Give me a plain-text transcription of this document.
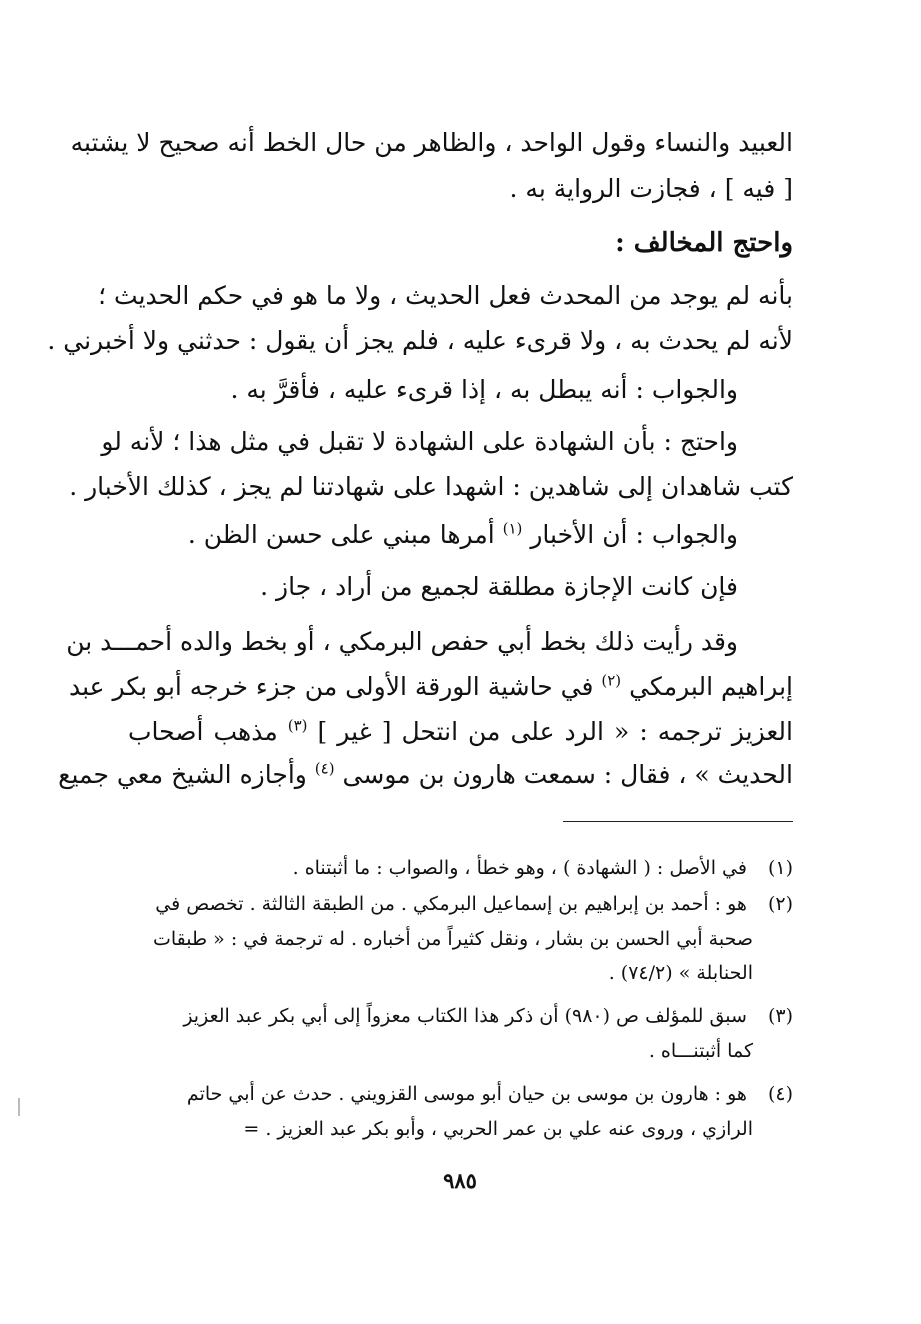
العبيد والنساء وقول الواحد ، والظاهر من حال الخط أنه صحيح لا يشتبه
[ فيه ] ، فجازت الرواية به .
واحتج المخالف :
بأنه لم يوجد من المحدث فعل الحديث ، ولا ما هو في حكم الحديث ؛
لأنه لم يحدث به ، ولا قرىء عليه ، فلم يجز أن يقول : حدثني ولا أخبرني .
والجواب : أنه يبطل به ، إذا قرىء عليه ، فأقرَّ به .
واحتج : بأن الشهادة على الشهادة لا تقبل في مثل هذا ؛ لأنه لو
كتب شاهدان إلى شاهدين : اشهدا على شهادتنا لم يجز ، كذلك الأخبار .
والجواب : أن الأخبار $^{(١)}$ أمرها مبني على حسن الظن .
فإن كانت الإجازة مطلقة لجميع من أراد ، جاز .
وقد رأيت ذلك بخط أبي حفص البرمكي ، أو بخط والده أحمـــد بن
إبراهيم البرمكي $^{(٢)}$ في حاشية الورقة الأولى من جزء خرجه أبو بكر عبد
العزيز ترجمه : « الرد على من انتحل [ غير ] $^{(٣)}$ مذهب أصحاب
الحديث » ، فقال : سمعت هارون بن موسى $^{(٤)}$ وأجازه الشيخ معي جميع
(١) في الأصل : ( الشهادة ) ، وهو خطأ ، والصواب : ما أثبتناه .
(٢) هو : أحمد بن إبراهيم بن إسماعيل البرمكي . من الطبقة الثالثة . تخصص في
صحبة أبي الحسن بن بشار ، ونقل كثيراً من أخباره . له ترجمة في : « طبقات
الحنابلة » (٧٤/٢) .
(٣) سبق للمؤلف ص (٩٨٠) أن ذكر هذا الكتاب معزواً إلى أبي بكر عبد العزيز
كما أثبتنـــاه .
(٤) هو : هارون بن موسى بن حيان أبو موسى القزويني . حدث عن أبي حاتم
الرازي ، وروى عنه علي بن عمر الحربي ، وأبو بكر عبد العزيز . =
٩٨٥
